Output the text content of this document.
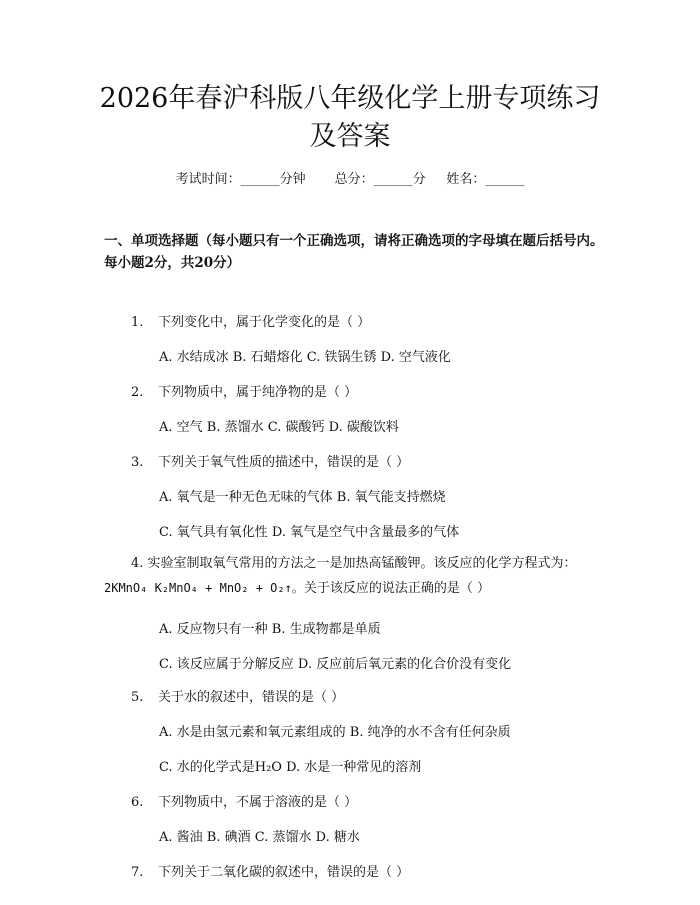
2026年春沪科版八年级化学上册专项练习及答案
考试时间：______分钟 总分：______分 姓名：______
一、单项选择题（每小题只有一个正确选项，请将正确选项的字母填在题后括号内。每小题2分，共20分）
1. 下列变化中，属于化学变化的是（ ）
A. 水结成冰 B. 石蜡熔化 C. 铁锅生锈 D. 空气液化
2. 下列物质中，属于纯净物的是（ ）
A. 空气 B. 蒸馏水 C. 碳酸钙 D. 碳酸饮料
3. 下列关于氧气性质的描述中，错误的是（ ）
A. 氧气是一种无色无味的气体 B. 氧气能支持燃烧
C. 氧气具有氧化性 D. 氧气是空气中含量最多的气体
4. 实验室制取氧气常用的方法之一是加热高锰酸钾。该反应的化学方程式为：2KMnO₄ K₂MnO₄ + MnO₂ + O₂↑。关于该反应的说法正确的是（ ）
A. 反应物只有一种 B. 生成物都是单质
C. 该反应属于分解反应 D. 反应前后氧元素的化合价没有变化
5. 关于水的叙述中，错误的是（ ）
A. 水是由氢元素和氧元素组成的 B. 纯净的水不含有任何杂质
C. 水的化学式是H₂O D. 水是一种常见的溶剂
6. 下列物质中，不属于溶液的是（ ）
A. 酱油 B. 碘酒 C. 蒸馏水 D. 糖水
7. 下列关于二氧化碳的叙述中，错误的是（ ）
